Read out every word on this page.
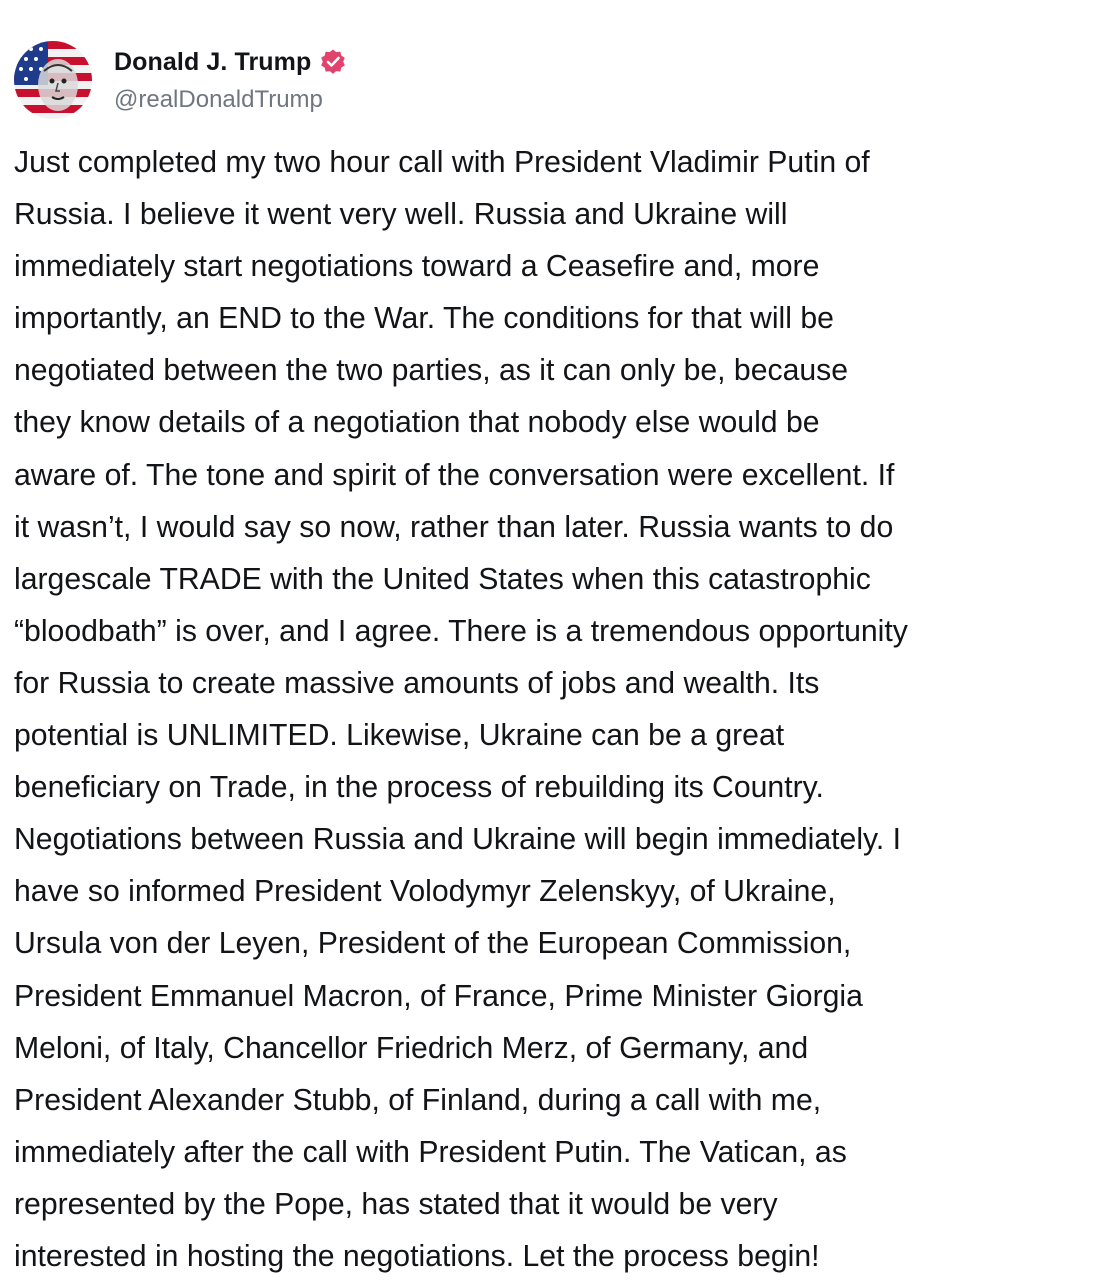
Donald J. Trump
@realDonaldTrump
Just completed my two hour call with President Vladimir Putin of
Russia. I believe it went very well. Russia and Ukraine will
immediately start negotiations toward a Ceasefire and, more
importantly, an END to the War. The conditions for that will be
negotiated between the two parties, as it can only be, because
they know details of a negotiation that nobody else would be
aware of. The tone and spirit of the conversation were excellent. If
it wasn’t, I would say so now, rather than later. Russia wants to do
largescale TRADE with the United States when this catastrophic
“bloodbath” is over, and I agree. There is a tremendous opportunity
for Russia to create massive amounts of jobs and wealth. Its
potential is UNLIMITED. Likewise, Ukraine can be a great
beneficiary on Trade, in the process of rebuilding its Country.
Negotiations between Russia and Ukraine will begin immediately. I
have so informed President Volodymyr Zelenskyy, of Ukraine,
Ursula von der Leyen, President of the European Commission,
President Emmanuel Macron, of France, Prime Minister Giorgia
Meloni, of Italy, Chancellor Friedrich Merz, of Germany, and
President Alexander Stubb, of Finland, during a call with me,
immediately after the call with President Putin. The Vatican, as
represented by the Pope, has stated that it would be very
interested in hosting the negotiations. Let the process begin!
